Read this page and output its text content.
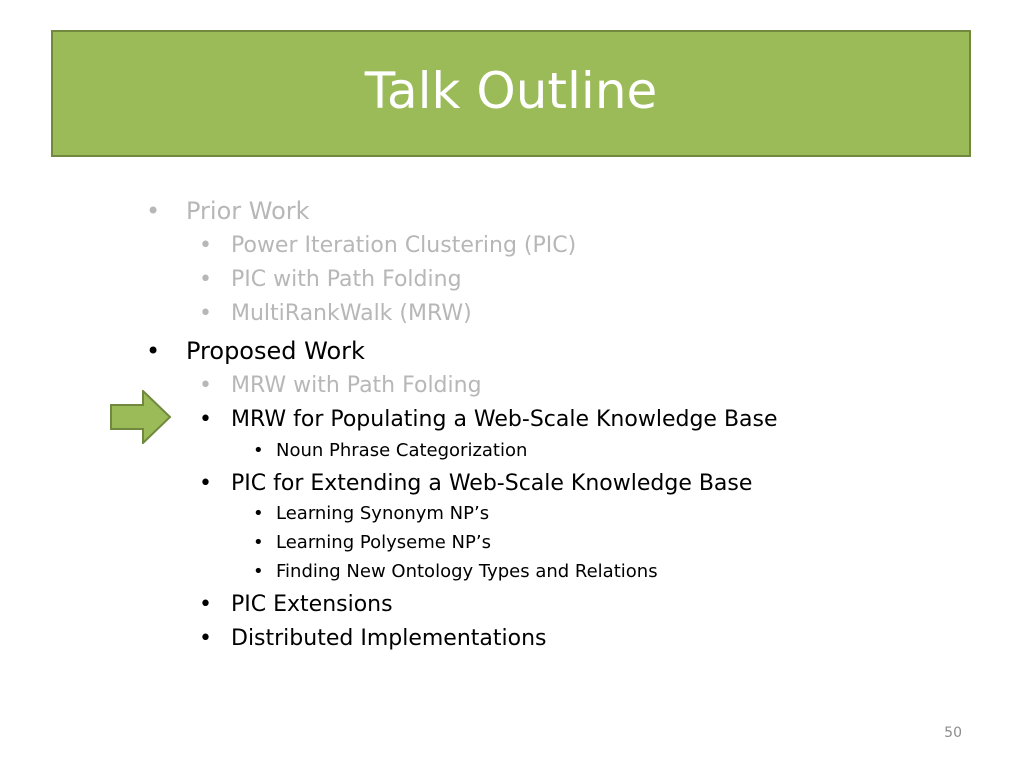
Talk Outline
• Prior Work
• Power Iteration Clustering (PIC)
• PIC with Path Folding
• MultiRankWalk (MRW)
• Proposed Work
• MRW with Path Folding
• MRW for Populating a Web-Scale Knowledge Base
• Noun Phrase Categorization
• PIC for Extending a Web-Scale Knowledge Base
• Learning Synonym NP’s
• Learning Polyseme NP’s
• Finding New Ontology Types and Relations
• PIC Extensions
• Distributed Implementations
50
